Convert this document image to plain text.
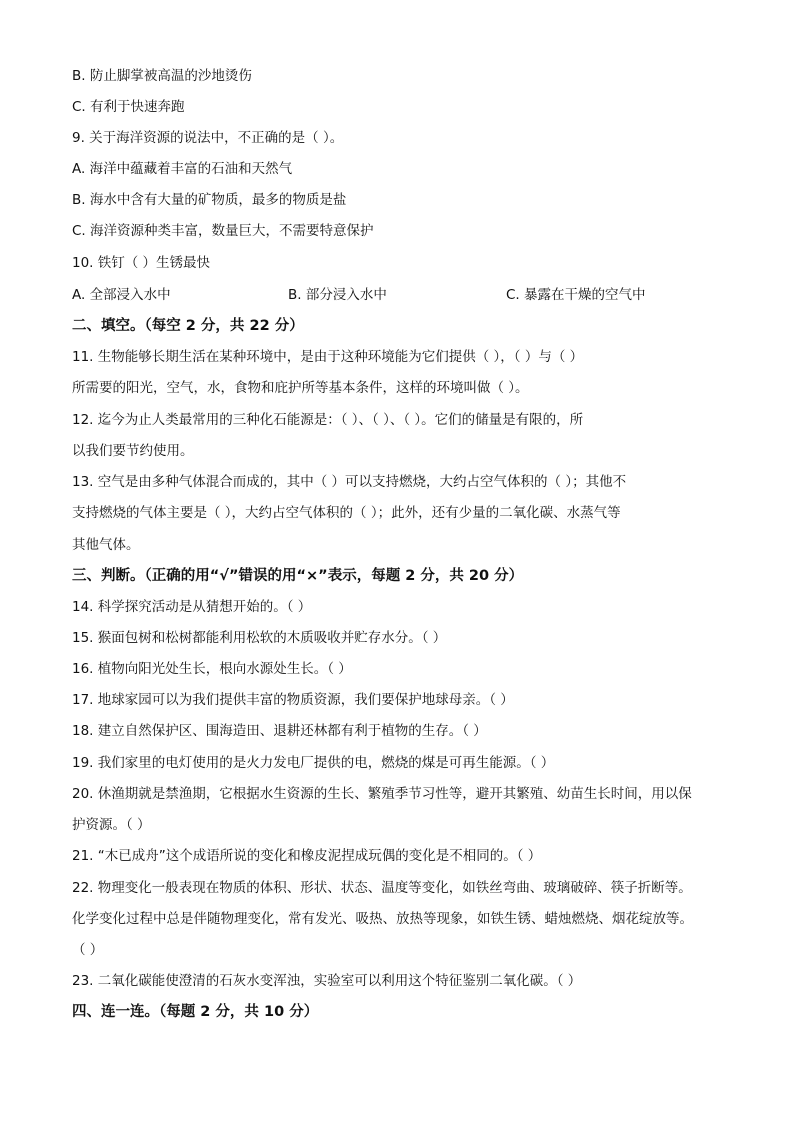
B. 防止脚掌被高温的沙地烫伤
C. 有利于快速奔跑
9. 关于海洋资源的说法中，不正确的是（ ）。
A. 海洋中蕴藏着丰富的石油和天然气
B. 海水中含有大量的矿物质，最多的物质是盐
C. 海洋资源种类丰富，数量巨大，不需要特意保护
10. 铁钉（ ）生锈最快
A. 全部浸入水中	B. 部分浸入水中	C. 暴露在干燥的空气中
二、填空。（每空 2 分，共 22 分）
11. 生物能够长期生活在某种环境中，是由于这种环境能为它们提供（ ），（ ）与（ ）
所需要的阳光，空气，水，食物和庇护所等基本条件，这样的环境叫做（ ）。
12. 迄今为止人类最常用的三种化石能源是：（ ）、（ ）、（ ）。它们的储量是有限的，所
以我们要节约使用。
13. 空气是由多种气体混合而成的，其中（ ）可以支持燃烧，大约占空气体积的（ ）；其他不
支持燃烧的气体主要是（ ），大约占空气体积的（ ）；此外，还有少量的二氧化碳、水蒸气等
其他气体。
三、判断。（正确的用“√”错误的用“×”表示，每题 2 分，共 20 分）
14. 科学探究活动是从猜想开始的。（ ）
15. 猴面包树和松树都能利用松软的木质吸收并贮存水分。（ ）
16. 植物向阳光处生长，根向水源处生长。（ ）
17. 地球家园可以为我们提供丰富的物质资源，我们要保护地球母亲。（ ）
18. 建立自然保护区、围海造田、退耕还林都有利于植物的生存。（ ）
19. 我们家里的电灯使用的是火力发电厂提供的电，燃烧的煤是可再生能源。（ ）
20. 休渔期就是禁渔期，它根据水生资源的生长、繁殖季节习性等，避开其繁殖、幼苗生长时间，用以保
护资源。（ ）
21. “木已成舟”这个成语所说的变化和橡皮泥捏成玩偶的变化是不相同的。（ ）
22. 物理变化一般表现在物质的体积、形状、状态、温度等变化，如铁丝弯曲、玻璃破碎、筷子折断等。
化学变化过程中总是伴随物理变化，常有发光、吸热、放热等现象，如铁生锈、蜡烛燃烧、烟花绽放等。
（ ）
23. 二氧化碳能使澄清的石灰水变浑浊，实验室可以利用这个特征鉴别二氧化碳。（ ）
四、连一连。（每题 2 分，共 10 分）
